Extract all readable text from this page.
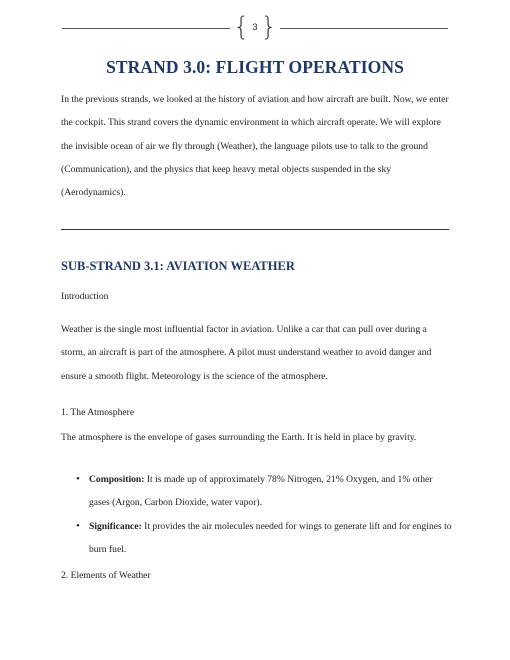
{ 3 }
STRAND 3.0: FLIGHT OPERATIONS

In the previous strands, we looked at the history of aviation and how aircraft are built. Now, we enter the cockpit. This strand covers the dynamic environment in which aircraft operate. We will explore the invisible ocean of air we fly through (Weather), the language pilots use to talk to the ground (Communication), and the physics that keep heavy metal objects suspended in the sky (Aerodynamics).

SUB-STRAND 3.1: AVIATION WEATHER

Introduction

Weather is the single most influential factor in aviation. Unlike a car that can pull over during a storm, an aircraft is part of the atmosphere. A pilot must understand weather to avoid danger and ensure a smooth flight. Meteorology is the science of the atmosphere.

1. The Atmosphere

The atmosphere is the envelope of gases surrounding the Earth. It is held in place by gravity.

• Composition: It is made up of approximately 78% Nitrogen, 21% Oxygen, and 1% other gases (Argon, Carbon Dioxide, water vapor).
• Significance: It provides the air molecules needed for wings to generate lift and for engines to burn fuel.

2. Elements of Weather
